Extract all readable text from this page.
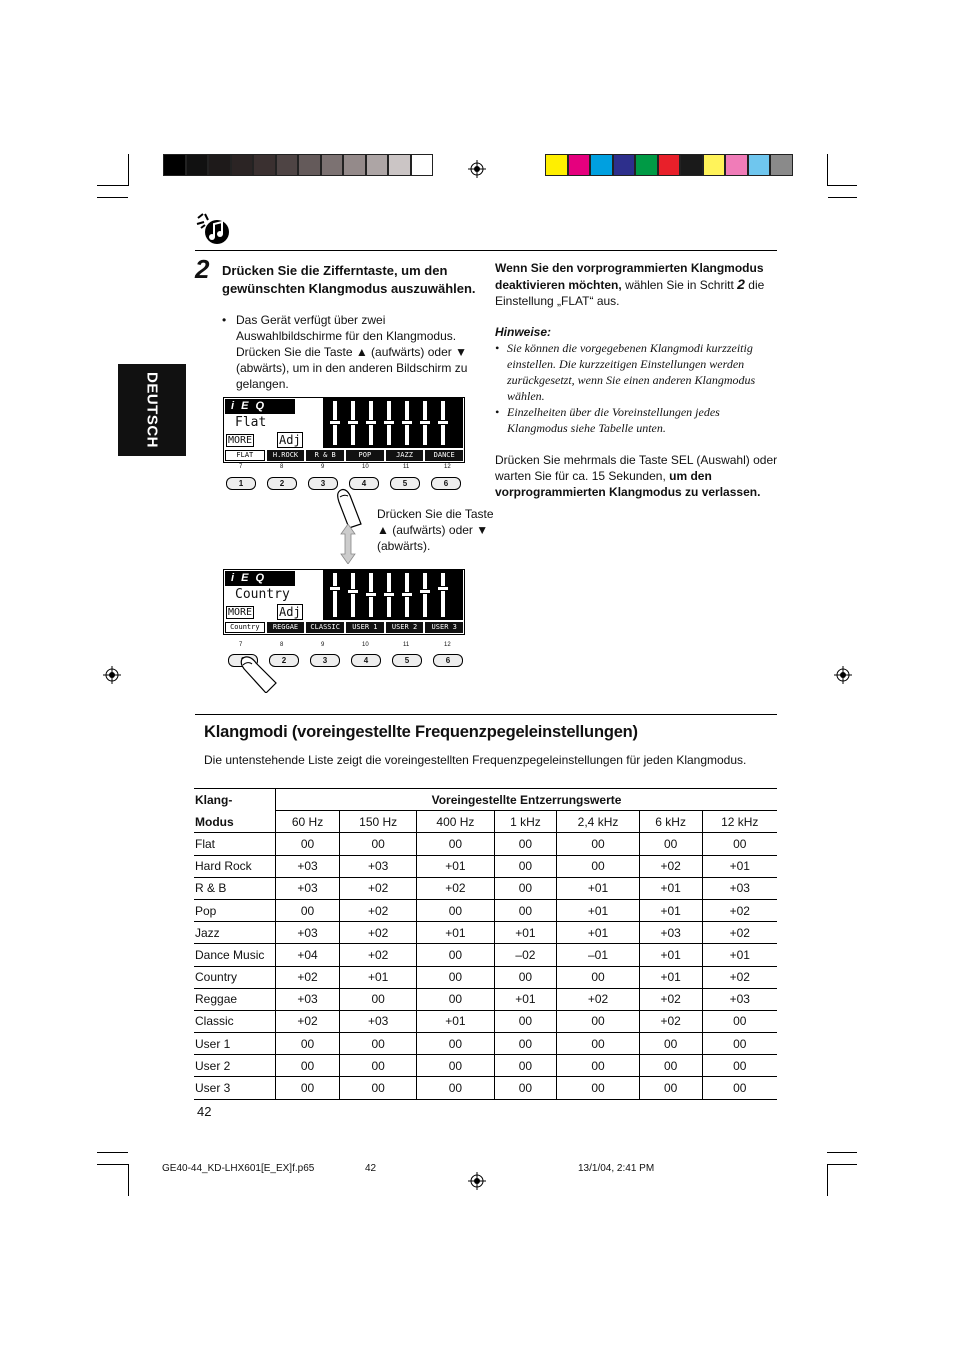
DEUTSCH
2 Drücken Sie die Zifferntaste, um den gewünschten Klangmodus auszuwählen.
• Das Gerät verfügt über zwei Auswahlbildschirme für den Klangmodus. Drücken Sie die Taste ▲ (aufwärts) oder ▼ (abwärts), um in den anderen Bildschirm zu gelangen.
i E Q
Flat
MORE Adj
FLAT	H.ROCK	R & B	POP	JAZZ	DANCE
7	8	9	10	11	12
1	2	3	4	5	6
Drücken Sie die Taste ▲ (aufwärts) oder ▼ (abwärts).
i E Q
Country
MORE Adj
Country	REGGAE	CLASSIC	USER 1	USER 2	USER 3
7	8	9	10	11	12
2	3	4	5	6
Wenn Sie den vorprogrammierten Klangmodus deaktivieren möchten, wählen Sie in Schritt 2 die Einstellung „FLAT“ aus.
Hinweise:
• Sie können die vorgegebenen Klangmodi kurzzeitig einstellen. Die kurzzeitigen Einstellungen werden zurückgesetzt, wenn Sie einen anderen Klangmodus wählen.
• Einzelheiten über die Voreinstellungen jedes Klangmodus siehe Tabelle unten.
Drücken Sie mehrmals die Taste SEL (Auswahl) oder warten Sie für ca. 15 Sekunden, um den vorprogrammierten Klangmodus zu verlassen.
Klangmodi (voreingestellte Frequenzpegeleinstellungen)
Die untenstehende Liste zeigt die voreingestellten Frequenzpegeleinstellungen für jeden Klangmodus.
Klang-	Voreingestellte Entzerrungswerte						
Modus	60 Hz	150 Hz	400 Hz	1 kHz	2,4 kHz	6 kHz	12 kHz
Flat	00	00	00	00	00	00	00
Hard Rock	+03	+03	+01	00	00	+02	+01
R & B	+03	+02	+02	00	+01	+01	+03
Pop	00	+02	00	00	+01	+01	+02
Jazz	+03	+02	+01	+01	+01	+03	+02
Dance Music	+04	+02	00	–02	–01	+01	+01
Country	+02	+01	00	00	00	+01	+02
Reggae	+03	00	00	+01	+02	+02	+03
Classic	+02	+03	+01	00	00	+02	00
User 1	00	00	00	00	00	00	00
User 2	00	00	00	00	00	00	00
User 3	00	00	00	00	00	00	00
42
GE40-44_KD-LHX601[E_EX]f.p65	42	13/1/04, 2:41 PM
